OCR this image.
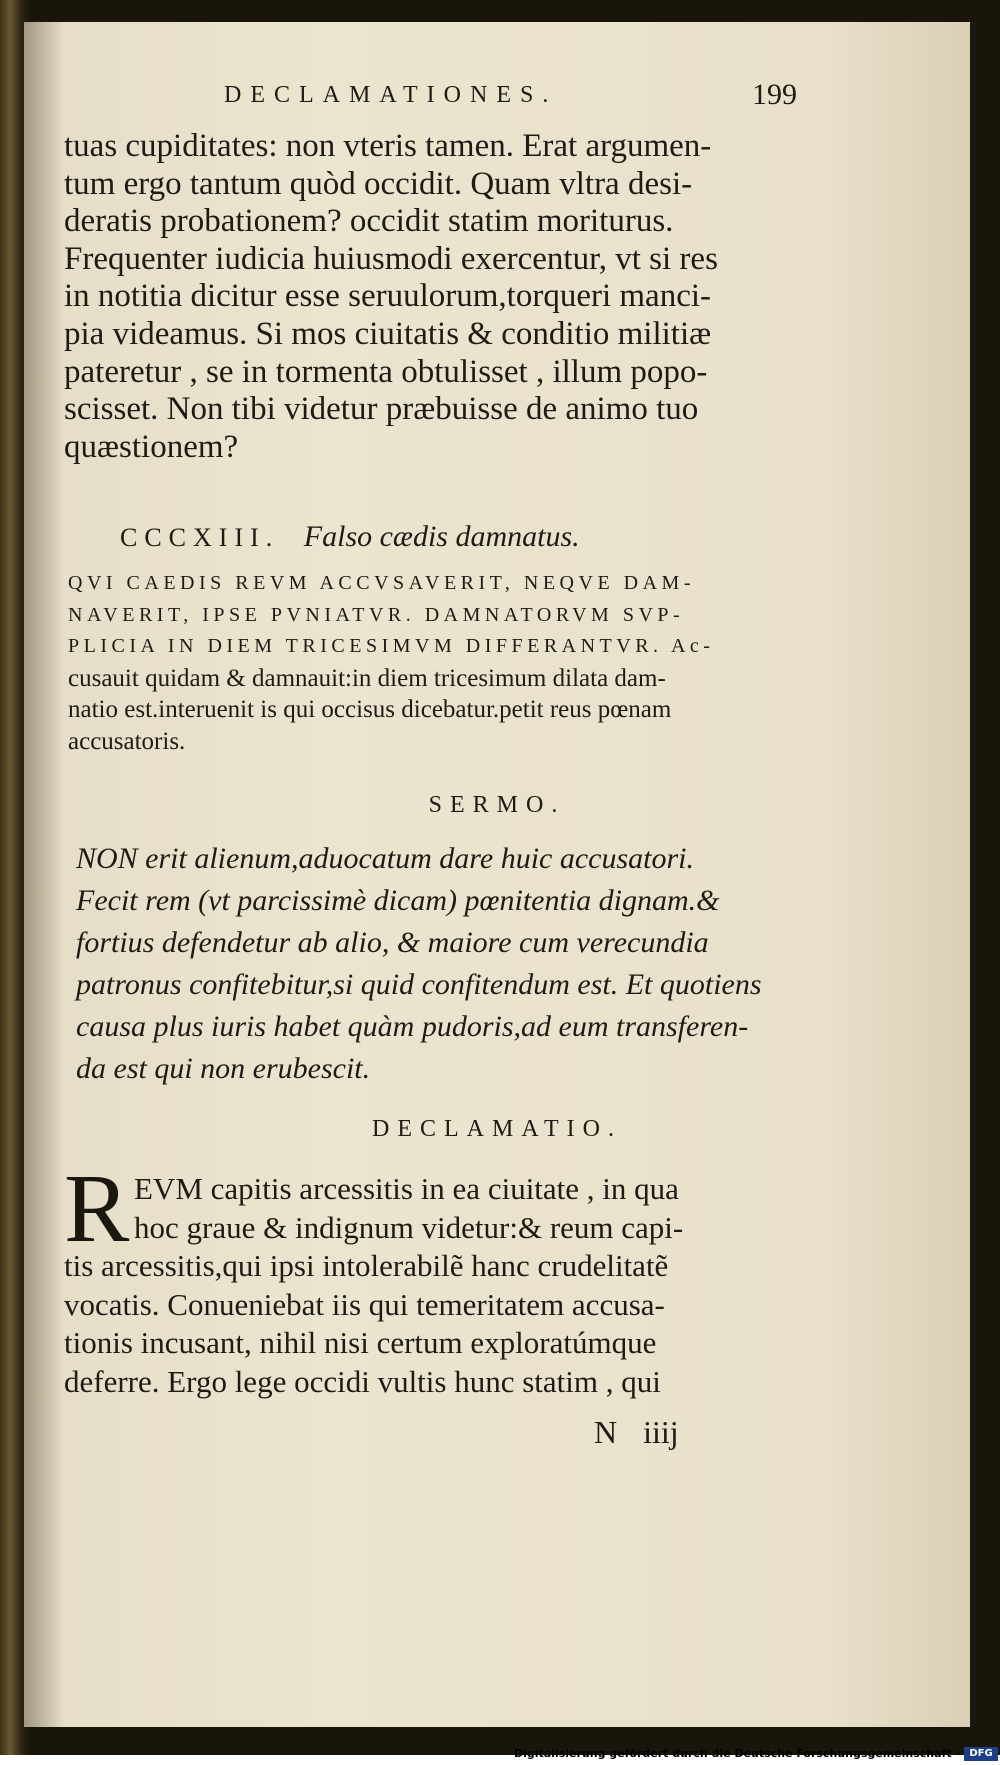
DECLAMATIONES.	199
tuas cupiditates: non vteris tamen. Erat argumen-
tum ergo tantum quòd occidit. Quam vltra desi-
deratis probationem? occidit statim moriturus.
Frequenter iudicia huiusmodi exercentur, vt si res
in notitia dicitur esse seruulorum,torqueri manci-
pia videamus. Si mos ciuitatis & conditio militiæ
pateretur , se in tormenta obtulisset , illum popo-
scisset. Non tibi videtur præbuisse de animo tuo
quæstionem?
CCCXIII. Falso cædis damnatus.
QVI CAEDIS REVM ACCVSAVERIT, NEQVE DAM-
NAVERIT, IPSE PVNIATVR. DAMNATORVM SVP-
PLICIA IN DIEM TRICESIMVM DIFFERANTVR. Ac-
cusauit quidam & damnauit:in diem tricesimum dilata dam-
natio est.interuenit is qui occisus dicebatur.petit reus pœnam
accusatoris.
SERMO.
NON erit alienum,aduocatum dare huic accusatori.
Fecit rem (vt parcissimè dicam) pœnitentia dignam.&
fortius defendetur ab alio, & maiore cum verecundia
patronus confitebitur,si quid confitendum est. Et quotiens
causa plus iuris habet quàm pudoris,ad eum transferen-
da est qui non erubescit.
DECLAMATIO.
R EVM capitis arcessitis in ea ciuitate , in qua
hoc graue & indignum videtur:& reum capi-
tis arcessitis,qui ipsi intolerabilẽ hanc crudelitatẽ
vocatis. Conueniebat iis qui temeritatem accusa-
tionis incusant, nihil nisi certum exploratúmque
deferre. Ergo lege occidi vultis hunc statim , qui
N iiij
Digitalisierung gefördert durch die Deutsche Forschungsgemeinschaft - DFG
